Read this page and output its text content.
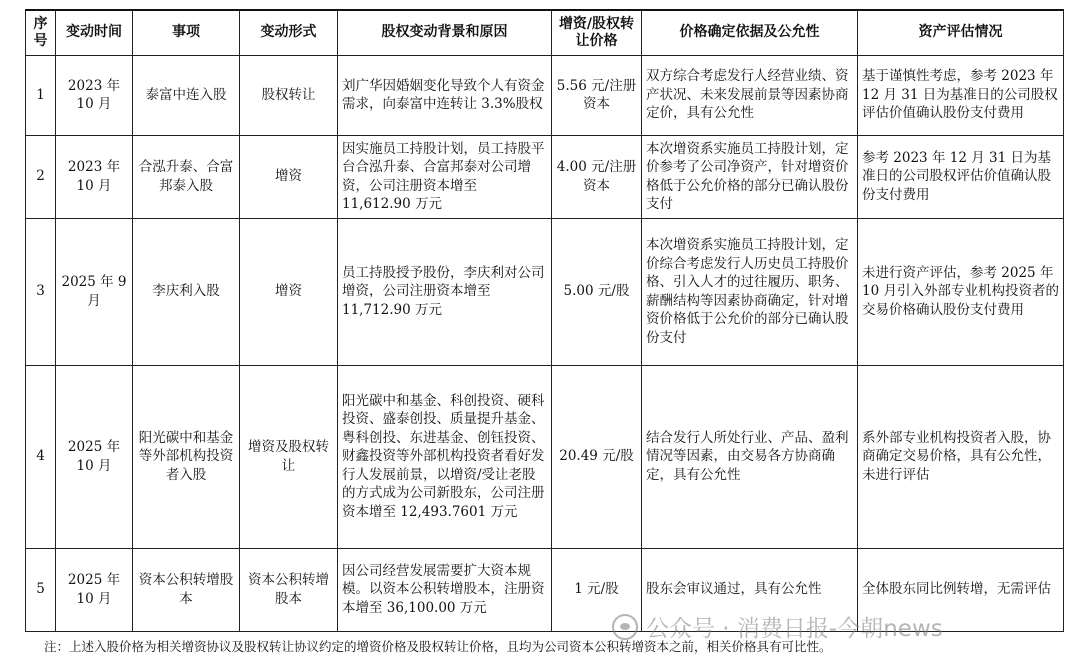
序号	变动时间	事项	变动形式	股权变动背景和原因	增资/股权转让价格	价格确定依据及公允性	资产评估情况
1	2023 年 10 月	泰富中连入股	股权转让	刘广华因婚姻变化导致个人有资金需求，向泰富中连转让 3.3%股权	5.56 元/注册资本	双方综合考虑发行人经营业绩、资产状况、未来发展前景等因素协商定价，具有公允性	基于谨慎性考虑，参考 2023 年 12 月 31 日为基准日的公司股权评估价值确认股份支付费用
2	2023 年 10 月	合泓升泰、合富邦泰入股	增资	因实施员工持股计划，员工持股平台合泓升泰、合富邦泰对公司增资，公司注册资本增至 11,612.90 万元	4.00 元/注册资本	本次增资系实施员工持股计划，定价参考了公司净资产，针对增资价格低于公允价格的部分已确认股份支付	参考 2023 年 12 月 31 日为基准日的公司股权评估价值确认股份支付费用
3	2025 年 9 月	李庆利入股	增资	员工持股授予股份，李庆利对公司增资，公司注册资本增至 11,712.90 万元	5.00 元/股	本次增资系实施员工持股计划，定价综合考虑发行人历史员工持股价格、引入人才的过往履历、职务、薪酬结构等因素协商确定，针对增资价格低于公允价的部分已确认股份支付	未进行资产评估，参考 2025 年 10 月引入外部专业机构投资者的交易价格确认股份支付费用
4	2025 年 10 月	阳光碳中和基金等外部机构投资者入股	增资及股权转让	阳光碳中和基金、科创投资、硬科投资、盛泰创投、质量提升基金、粤科创投、东进基金、创钰投资、财鑫投资等外部机构投资者看好发行人发展前景，以增资/受让老股的方式成为公司新股东，公司注册资本增至 12,493.7601 万元	20.49 元/股	结合发行人所处行业、产品、盈利情况等因素，由交易各方协商确定，具有公允性	系外部专业机构投资者入股，协商确定交易价格，具有公允性，未进行评估
5	2025 年 10 月	资本公积转增股本	资本公积转增股本	因公司经营发展需要扩大资本规模。以资本公积转增股本，注册资本增至 36,100.00 万元	1 元/股	股东会审议通过，具有公允性	全体股东同比例转增，无需评估
公众号 · 消费日报-今朝news
注：上述入股价格为相关增资协议及股权转让协议约定的增资价格及股权转让价格，且均为公司资本公积转增资本之前，相关价格具有可比性。
